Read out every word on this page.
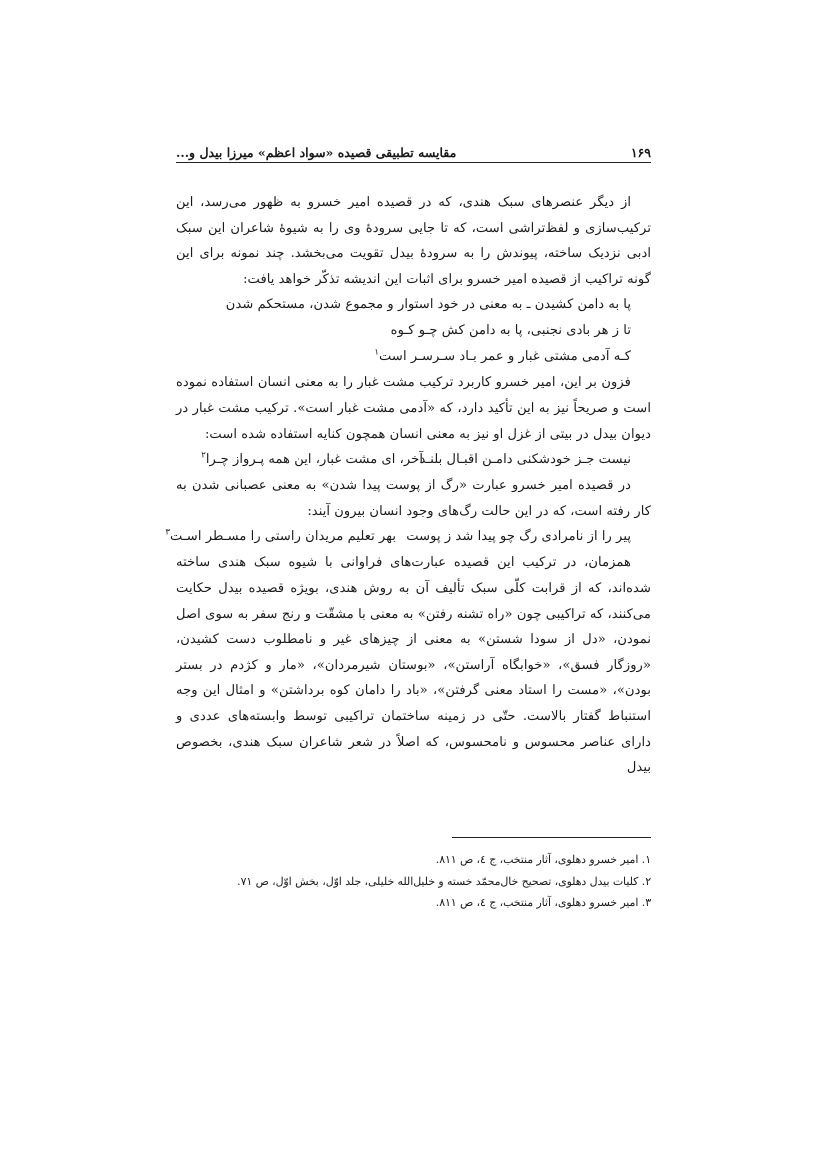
۱۶۹
مقایسه تطبیقی قصیده «سواد اعظم» میرزا بیدل و...

از دیگر عنصرهای سبک هندی، که در قصیده امیر خسرو به ظهور می‌رسد، این ترکیب‌سازی و لفظ‌تراشی است، که تا جایی سرودهٔ وی را به شیوهٔ شاعران این سبک ادبی نزدیک ساخته، پیوندش را به سرودهٔ بیدل تقویت می‌بخشد. چند نمونه برای این گونه تراکیب از قصیده امیر خسرو برای اثبات این اندیشه تذکّر خواهد یافت:

پا به دامن کشیدن ـ به معنی در خود استوار و مجموع شدن، مستحکم شدن
تا ز هر بادی نجنبی، پا به دامن کش چـو کـوه
کـه آدمی مشتی غبار و عمر بـاد سـرسـر است$^۱$

فزون بر این، امیر خسرو کاربرد ترکیب مشت غبار را به معنی انسان استفاده نموده است و صریحاً نیز به این تأکید دارد، که «آدمی مشت غبار است». ترکیب مشت غبار در دیوان بیدل در بیتی از غزل او نیز به معنی انسان همچون کنایه استفاده شده است:

نیست جـز خودشکنی دامـن اقبـال بلنـد
آخر، ای مشت غبار، این همه پـرواز چـرا$^۲$

در قصیده امیر خسرو عبارت «رگ از پوست پیدا شدن» به معنی عصبانی شدن به کار رفته است، که در این حالت رگ‌های وجود انسان بیرون آیند:

پیر را از نامرادی رگ چو پیدا شد ز پوست
بهر تعلیم مریدان راستی را مسـطر اسـت$^۳$

همزمان، در ترکیب این قصیده عبارت‌های فراوانی با شیوه سبک هندی ساخته شده‌اند، که از قرابت کلّی سبک تألیف آن به روش هندی، بویژه قصیده بیدل حکایت می‌کنند، که تراکیبی چون «راه تشنه رفتن» به معنی با مشقّت و رنج سفر به سوی اصل نمودن، «دل از سودا شستن» به معنی از چیزهای غیر و نامطلوب دست کشیدن، «روزگار فسق»، «خوابگاه آراستن»، «بوستان شیرمردان»، «مار و کژدم در بستر بودن»، «مست را استاد معنی گرفتن»، «باد را دامان کوه برداشتن» و امثال این وجه استنباط گفتار بالاست. حتّی در زمینه ساختمان تراکیبی توسط وابسته‌های عددی و دارای عناصر محسوس و نامحسوس، که اصلاً در شعر شاعران سبک هندی، بخصوص بیدل

۱. امیر خسرو دهلوی، آثار منتخب، ج ٤، ص ۸۱۱.

۲. کلیات بیدل دهلوی، تصحیح خال‌محمّد خسته و خلیل‌الله خلیلی، جلد اوّل، بخش اوّل، ص ۷۱.

۳. امیر خسرو دهلوی، آثار منتخب، ج ٤، ص ۸۱۱.
